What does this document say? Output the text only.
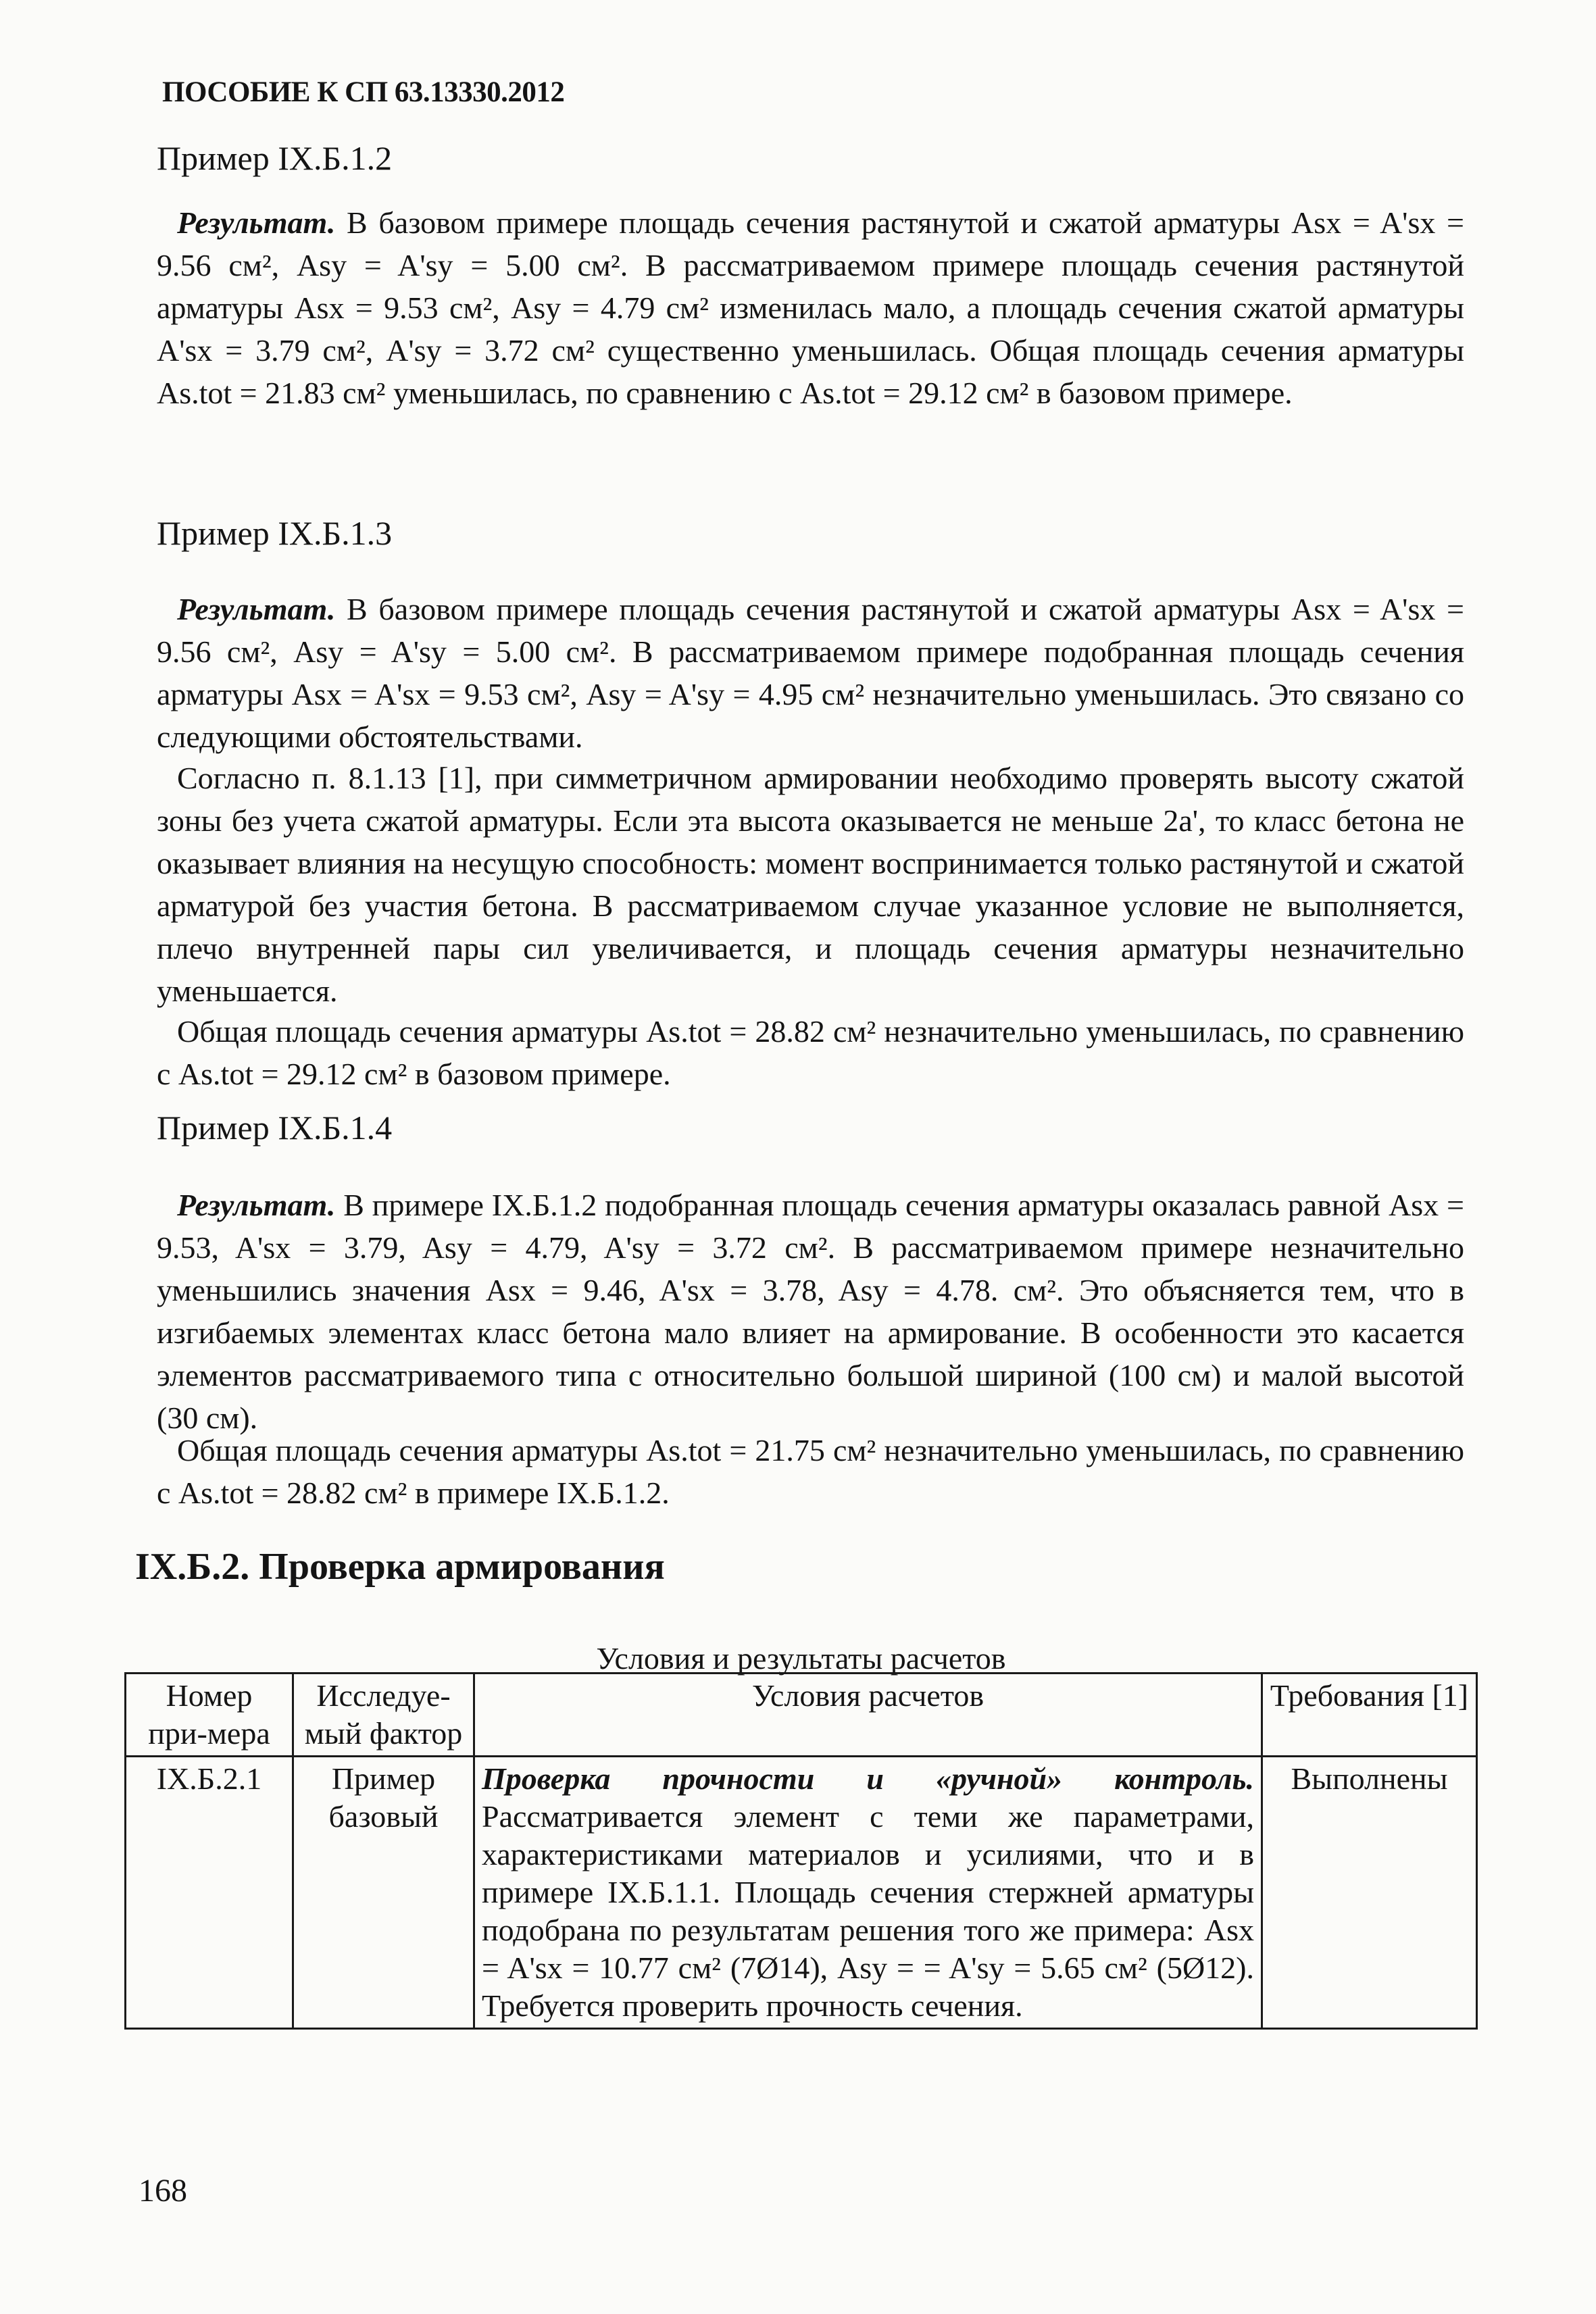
ПОСОБИЕ К СП 63.13330.2012
Пример IX.Б.1.2

Результат. В базовом примере площадь сечения растянутой и сжатой арматуры Asx = A'sx = 9.56 см², Asy = A'sy = 5.00 см². В рассматриваемом примере площадь сечения растянутой арматуры Asx = 9.53 см², Asy = 4.79 см² изменилась мало, а площадь сечения сжатой арматуры A'sx = 3.79 см², A'sy = 3.72 см² существенно уменьшилась. Общая площадь сечения арматуры As.tot = 21.83 см² уменьшилась, по сравнению с As.tot = 29.12 см² в базовом примере.

Пример IX.Б.1.3

Результат. В базовом примере площадь сечения растянутой и сжатой арматуры Asx = A'sx = 9.56 см², Asy = A'sy = 5.00 см². В рассматриваемом примере подобранная площадь сечения арматуры Asx = A'sx = 9.53 см², Asy = A'sy = 4.95 см² незначительно уменьшилась. Это связано со следующими обстоятельствами.

Согласно п. 8.1.13 [1], при симметричном армировании необходимо проверять высоту сжатой зоны без учета сжатой арматуры. Если эта высота оказывается не меньше 2a', то класс бетона не оказывает влияния на несущую способность: момент воспринимается только растянутой и сжатой арматурой без участия бетона. В рассматриваемом случае указанное условие не выполняется, плечо внутренней пары сил увеличивается, и площадь сечения арматуры незначительно уменьшается.

Общая площадь сечения арматуры As.tot = 28.82 см² незначительно уменьшилась, по сравнению с As.tot = 29.12 см² в базовом примере.

Пример IX.Б.1.4

Результат. В примере IX.Б.1.2 подобранная площадь сечения арматуры оказалась равной Asx = 9.53, A'sx = 3.79, Asy = 4.79, A'sy = 3.72 см². В рассматриваемом примере незначительно уменьшились значения Asx = 9.46, A'sx = 3.78, Asy = 4.78. см². Это объясняется тем, что в изгибаемых элементах класс бетона мало влияет на армирование. В особенности это касается элементов рассматриваемого типа с относительно большой шириной (100 см) и малой высотой (30 см).

Общая площадь сечения арматуры As.tot = 21.75 см² незначительно уменьшилась, по сравнению с As.tot = 28.82 см² в примере IX.Б.1.2.

IX.Б.2. Проверка армирования
Условия и результаты расчетов
Номер при-мера	Исследуе-мый фактор	Условия расчетов	Требования [1]
IX.Б.2.1	Пример базовый	Проверка прочности и «ручной» контроль. Рассматривается элемент с теми же параметрами, характеристиками материалов и усилиями, что и в примере IX.Б.1.1. Площадь сечения стержней арматуры подобрана по результатам решения того же примера: Asx = A'sx = 10.77 см² (7Ø14), Asy = = A'sy = 5.65 см² (5Ø12). Требуется проверить прочность сечения.	Выполнены
168
